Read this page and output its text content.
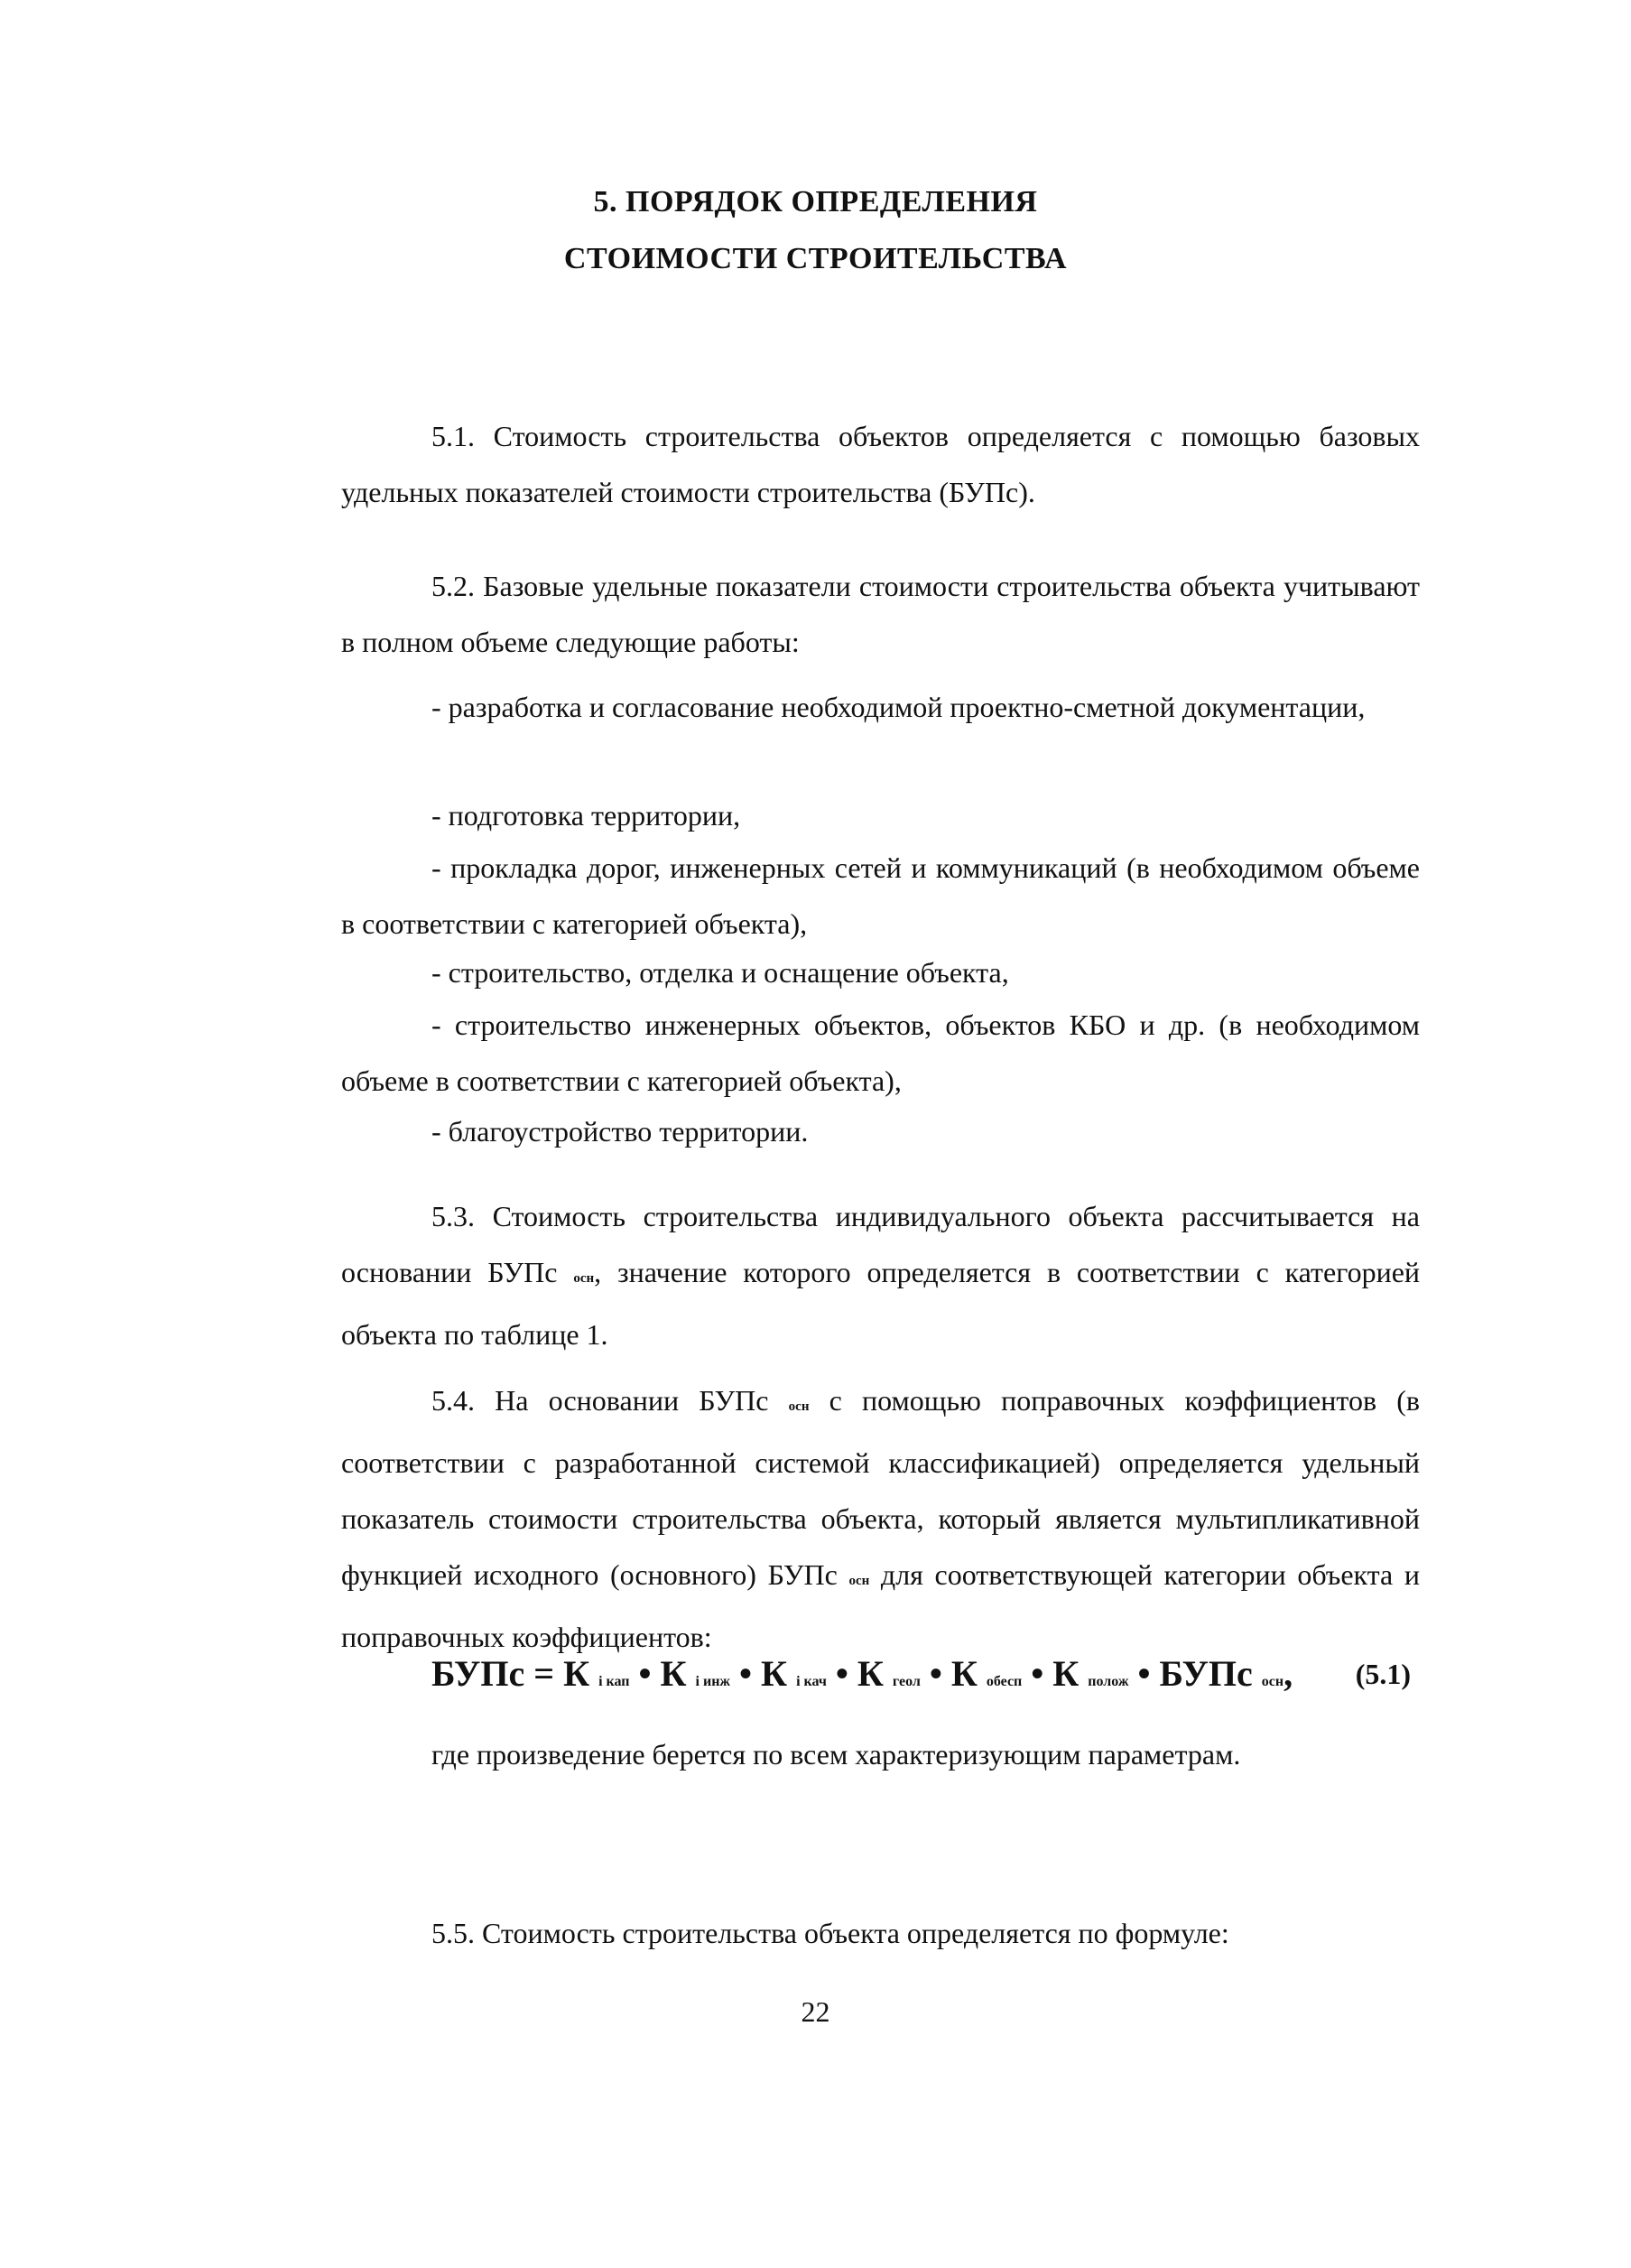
5. ПОРЯДОК ОПРЕДЕЛЕНИЯ
СТОИМОСТИ СТРОИТЕЛЬСТВА

5.1. Стоимость строительства объектов определяется с помощью базовых удельных показателей стоимости строительства (БУПс).

5.2. Базовые удельные показатели стоимости строительства объекта учитывают в полном объеме следующие работы:

- разработка и согласование необходимой проектно-сметной документации,

- подготовка территории,

- прокладка дорог, инженерных сетей и коммуникаций (в необходимом объеме в соответствии с категорией объекта),

- строительство, отделка и оснащение объекта,

- строительство инженерных объектов, объектов КБО и др. (в необходимом объеме в соответствии с категорией объекта),

- благоустройство территории.

5.3. Стоимость строительства индивидуального объекта рассчитывается на основании БУПс осн, значение которого определяется в соответствии с категорией объекта по таблице 1.

5.4. На основании БУПс осн с помощью поправочных коэффициентов (в соответствии с разработанной системой классификацией) определяется удельный показатель стоимости строительства объекта, который является мультипликативной функцией исходного (основного) БУПс осн для соответствующей категории объекта и поправочных коэффициентов:

БУПс = К i кап • К i инж • К i кач • К геол • К обесп • К полож • БУПс осн, (5.1)
где произведение берется по всем характеризующим параметрам.
5.5. Стоимость строительства объекта определяется по формуле:
22
